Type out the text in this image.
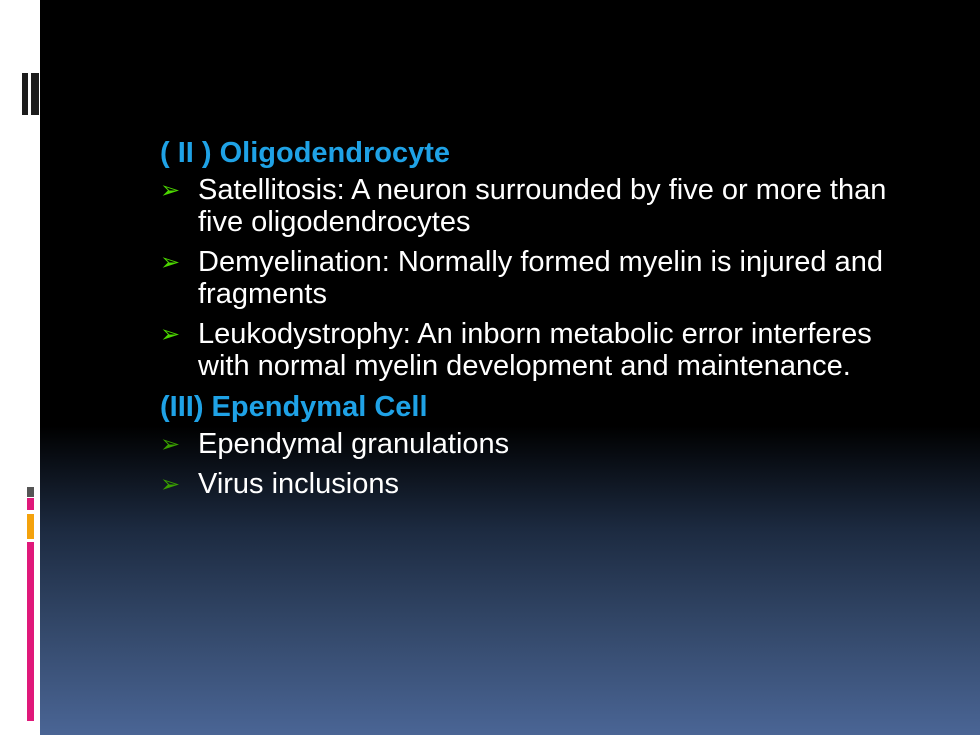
( II ) Oligodendrocyte
➢ Satellitosis: A neuron surrounded by five or more than five oligodendrocytes
➢ Demyelination: Normally formed myelin is injured and fragments
➢ Leukodystrophy: An inborn metabolic error interferes with normal myelin development and maintenance.
(III) Ependymal Cell
➢ Ependymal granulations
➢ Virus inclusions
